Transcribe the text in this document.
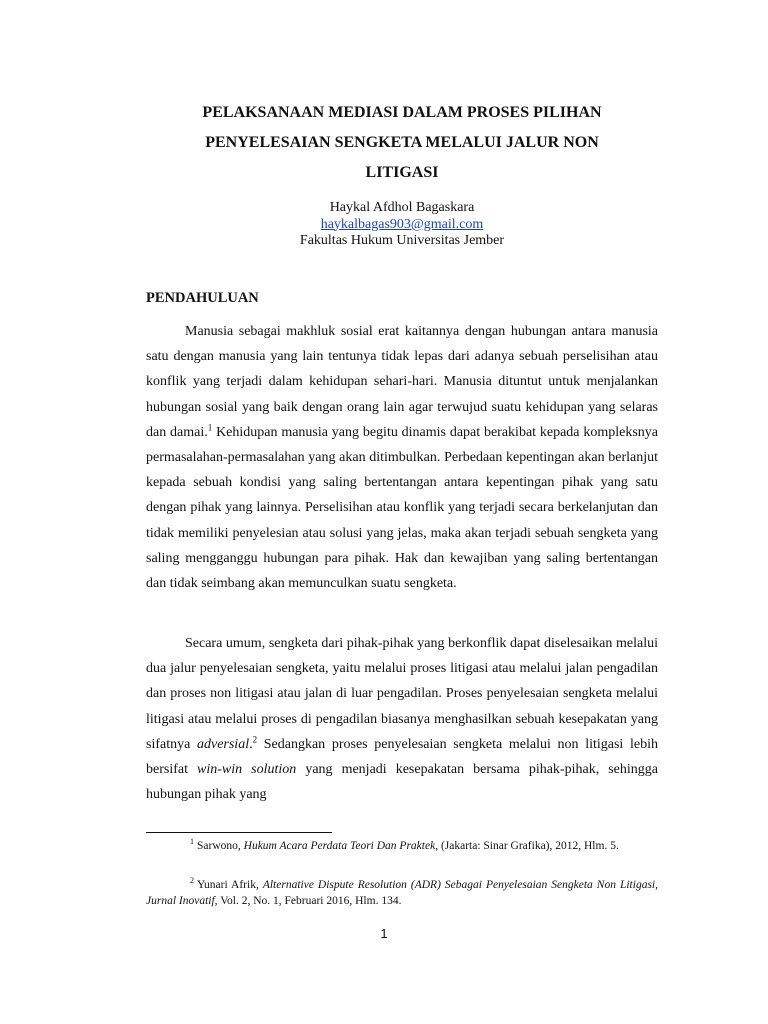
PELAKSANAAN MEDIASI DALAM PROSES PILIHAN
PENYELESAIAN SENGKETA MELALUI JALUR NON
LITIGASI
Haykal Afdhol Bagaskara
haykalbagas903@gmail.com
Fakultas Hukum Universitas Jember
PENDAHULUAN

Manusia sebagai makhluk sosial erat kaitannya dengan hubungan antara manusia satu dengan manusia yang lain tentunya tidak lepas dari adanya sebuah perselisihan atau konflik yang terjadi dalam kehidupan sehari-hari. Manusia dituntut untuk menjalankan hubungan sosial yang baik dengan orang lain agar terwujud suatu kehidupan yang selaras dan damai.$^1$ Kehidupan manusia yang begitu dinamis dapat berakibat kepada kompleksnya permasalahan-permasalahan yang akan ditimbulkan. Perbedaan kepentingan akan berlanjut kepada sebuah kondisi yang saling bertentangan antara kepentingan pihak yang satu dengan pihak yang lainnya. Perselisihan atau konflik yang terjadi secara berkelanjutan dan tidak memiliki penyelesian atau solusi yang jelas, maka akan terjadi sebuah sengketa yang saling mengganggu hubungan para pihak. Hak dan kewajiban yang saling bertentangan dan tidak seimbang akan memunculkan suatu sengketa.

Secara umum, sengketa dari pihak-pihak yang berkonflik dapat diselesaikan melalui dua jalur penyelesaian sengketa, yaitu melalui proses litigasi atau melalui jalan pengadilan dan proses non litigasi atau jalan di luar pengadilan. Proses penyelesaian sengketa melalui litigasi atau melalui proses di pengadilan biasanya menghasilkan sebuah kesepakatan yang sifatnya adversial.$^2$ Sedangkan proses penyelesaian sengketa melalui non litigasi lebih bersifat win-win solution yang menjadi kesepakatan bersama pihak-pihak, sehingga hubungan pihak yang

$^1$ Sarwono, Hukum Acara Perdata Teori Dan Praktek, (Jakarta: Sinar Grafika), 2012, Hlm. 5.

$^2$ Yunari Afrik, Alternative Dispute Resolution (ADR) Sebagai Penyelesaian Sengketa Non Litigasi, Jurnal Inovatif, Vol. 2, No. 1, Februari 2016, Hlm. 134.

1
